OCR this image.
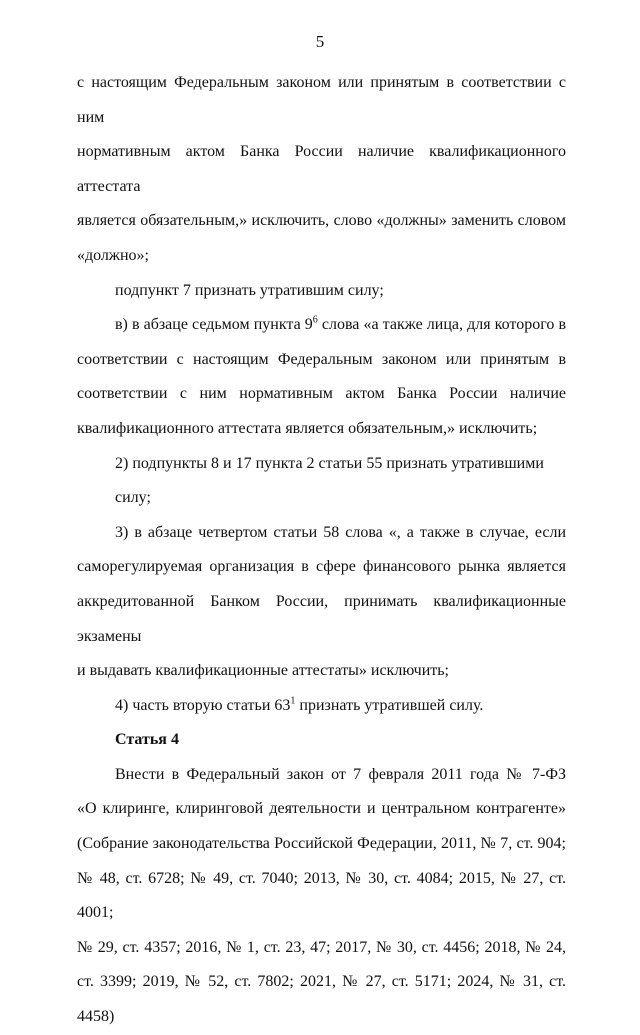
5

с настоящим Федеральным законом или принятым в соответствии с ним

нормативным актом Банка России наличие квалификационного аттестата

является обязательным,» исключить, слово «должны» заменить словом

«должно»;

подпункт 7 признать утратившим силу;

в) в абзаце седьмом пункта $9^6$ слова «а также лица, для которого в

соответствии с настоящим Федеральным законом или принятым в

соответствии с ним нормативным актом Банка России наличие

квалификационного аттестата является обязательным,» исключить;

2) подпункты 8 и 17 пункта 2 статьи 55 признать утратившими силу;

3) в абзаце четвертом статьи 58 слова «, а также в случае, если

саморегулируемая организация в сфере финансового рынка является

аккредитованной Банком России, принимать квалификационные экзамены

и выдавать квалификационные аттестаты» исключить;

4) часть вторую статьи $63^1$ признать утратившей силу.

Статья 4

Внести в Федеральный закон от 7 февраля 2011 года № 7-ФЗ

«О клиринге, клиринговой деятельности и центральном контрагенте»

(Собрание законодательства Российской Федерации, 2011, № 7, ст. 904;

№ 48, ст. 6728; № 49, ст. 7040; 2013, № 30, ст. 4084; 2015, № 27, ст. 4001;

№ 29, ст. 4357; 2016, № 1, ст. 23, 47; 2017, № 30, ст. 4456; 2018, № 24,

ст. 3399; 2019, № 52, ст. 7802; 2021, № 27, ст. 5171; 2024, № 31, ст. 4458)
